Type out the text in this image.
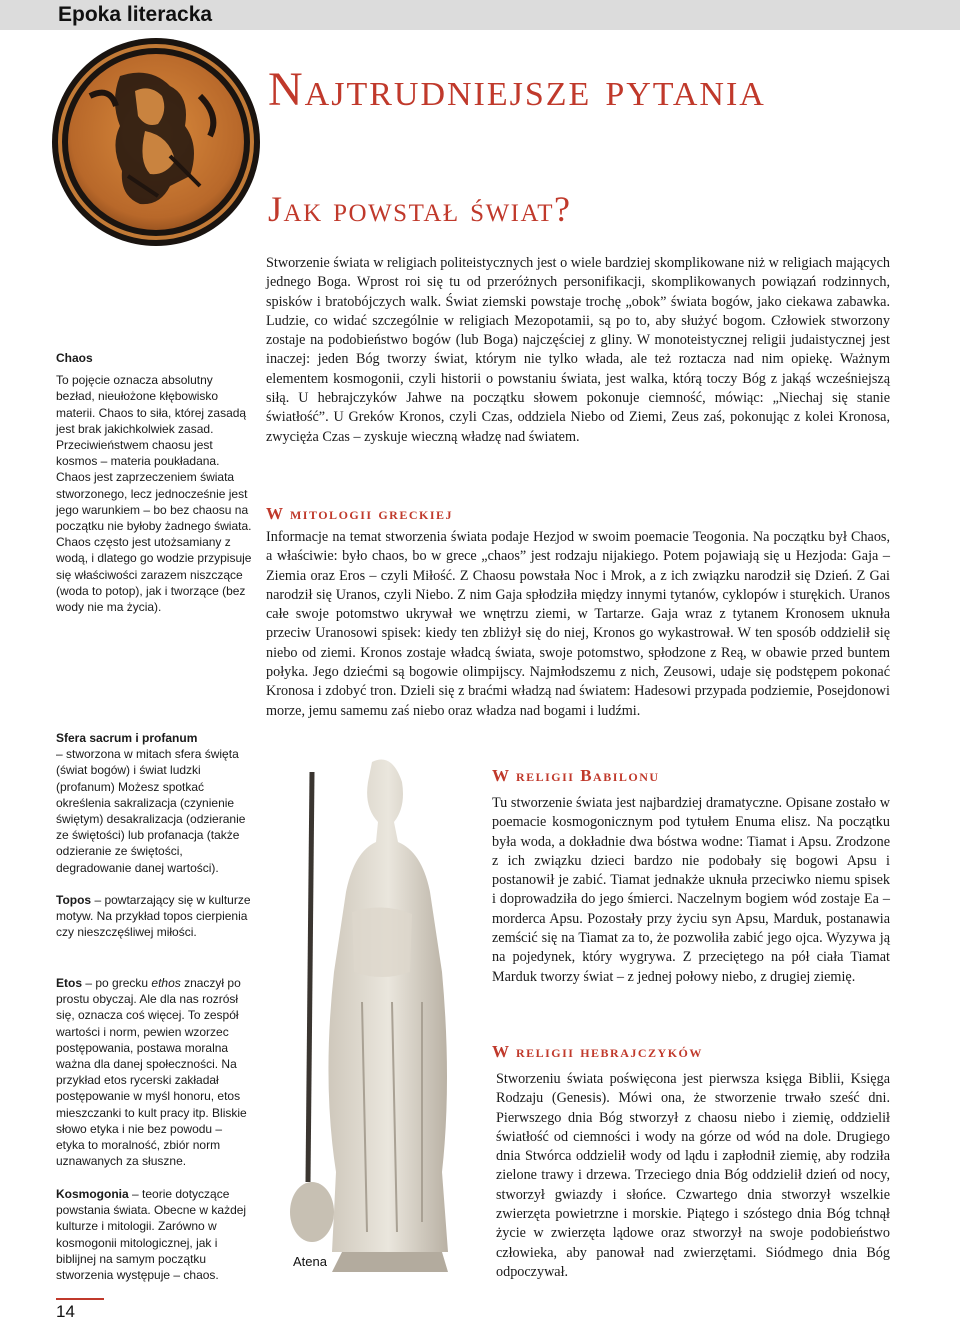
Epoka literacka
Najtrudniejsze pytania
Jak powstał świat?

Stworzenie świata w religiach politeistycznych jest o wiele bardziej skomplikowane niż w religiach mających jednego Boga. Wprost roi się tu od przeróżnych personifikacji, skomplikowanych powiązań rodzinnych, spisków i bratobójczych walk. Świat ziemski powstaje trochę „obok” świata bogów, jako ciekawa zabawka. Ludzie, co widać szczególnie w religiach Mezopotamii, są po to, aby służyć bogom. Człowiek stworzony zostaje na podobieństwo bogów (lub Boga) najczęściej z gliny. W monoteistycznej religii judaistycznej jest inaczej: jeden Bóg tworzy świat, którym nie tylko włada, ale też roztacza nad nim opiekę. Ważnym elementem kosmogonii, czyli historii o powstaniu świata, jest walka, którą toczy Bóg z jakąś wcześniejszą siłą. U hebrajczyków Jahwe na początku słowem pokonuje ciemność, mówiąc: „Niechaj się stanie światłość”. U Greków Kronos, czyli Czas, oddziela Niebo od Ziemi, Zeus zaś, pokonując z kolei Kronosa, zwycięża Czas – zyskuje wieczną władzę nad światem.

W mitologii greckiej

Informacje na temat stworzenia świata podaje Hezjod w swoim poemacie Teogonia. Na początku był Chaos, a właściwie: było chaos, bo w grece „chaos” jest rodzaju nijakiego. Potem pojawiają się u Hezjoda: Gaja – Ziemia oraz Eros – czyli Miłość. Z Chaosu powstała Noc i Mrok, a z ich związku narodził się Dzień. Z Gai narodził się Uranos, czyli Niebo. Z nim Gaja spłodziła między innymi tytanów, cyklopów i sturękich. Uranos całe swoje potomstwo ukrywał we wnętrzu ziemi, w Tartarze. Gaja wraz z tytanem Kronosem uknuła przeciw Uranosowi spisek: kiedy ten zbliżył się do niej, Kronos go wykastrował. W ten sposób oddzielił się niebo od ziemi. Kronos zostaje władcą świata, swoje potomstwo, spłodzone z Reą, w obawie przed buntem połyka. Jego dziećmi są bogowie olimpijscy. Najmłodszemu z nich, Zeusowi, udaje się podstępem pokonać Kronosa i zdobyć tron. Dzieli się z braćmi władzą nad światem: Hadesowi przypada podziemie, Posejdonowi morze, jemu samemu zaś niebo oraz władza nad bogami i ludźmi.

Atena
W religii Babilonu

Tu stworzenie świata jest najbardziej dramatyczne. Opisane zostało w poemacie kosmogonicznym pod tytułem Enuma elisz. Na początku była woda, a dokładnie dwa bóstwa wodne: Tiamat i Apsu. Zrodzone z ich związku dzieci bardzo nie podobały się bogowi Apsu i postanowił je zabić. Tiamat jednakże uknuła przeciwko niemu spisek i doprowadziła do jego śmierci. Naczelnym bogiem wód zostaje Ea – morderca Apsu. Pozostały przy życiu syn Apsu, Marduk, postanawia zemścić się na Tiamat za to, że pozwoliła zabić jego ojca. Wyzywa ją na pojedynek, który wygrywa. Z przeciętego na pół ciała Tiamat Marduk tworzy świat – z jednej połowy niebo, z drugiej ziemię.

W religii hebrajczyków

Stworzeniu świata poświęcona jest pierwsza księga Biblii, Księga Rodzaju (Genesis). Mówi ona, że stworzenie trwało sześć dni. Pierwszego dnia Bóg stworzył z chaosu niebo i ziemię, oddzielił światłość od ciemności i wody na górze od wód na dole. Drugiego dnia Stwórca oddzielił wody od lądu i zapłodnił ziemię, aby rodziła zielone trawy i drzewa. Trzeciego dnia Bóg oddzielił dzień od nocy, stworzył gwiazdy i słońce. Czwartego dnia stworzył wszelkie zwierzęta powietrzne i morskie. Piątego i szóstego dnia Bóg tchnął życie w zwierzęta lądowe oraz stworzył na swoje podobieństwo człowieka, aby panował nad zwierzętami. Siódmego dnia Bóg odpoczywał.

Chaos

To pojęcie oznacza absolutny bezład, nieułożone kłębowisko materii. Chaos to siła, której zasadą jest brak jakichkolwiek zasad. Przeciwieństwem chaosu jest kosmos – materia poukładana. Chaos jest zaprzeczeniem świata stworzonego, lecz jednocześnie jest jego warunkiem – bo bez chaosu na początku nie byłoby żadnego świata. Chaos często jest utożsamiany z wodą, i dlatego go wodzie przypisuje się właściwości zarazem niszczące (woda to potop), jak i tworzące (bez wody nie ma życia).

Sfera sacrum i profanum

– stworzona w mitach sfera święta (świat bogów) i świat ludzki (profanum) Możesz spotkać określenia sakralizacja (czynienie świętym) desakralizacja (odzieranie ze świętości) lub profanacja (także odzieranie ze świętości, degradowanie danej wartości).

Topos – powtarzający się w kulturze motyw. Na przykład topos cierpienia czy nieszczęśliwej miłości.

Etos – po grecku ethos znaczył po prostu obyczaj. Ale dla nas rozrósł się, oznacza coś więcej. To zespół wartości i norm, pewien wzorzec postępowania, postawa moralna ważna dla danej społeczności. Na przykład etos rycerski zakładał postępowanie w myśl honoru, etos mieszczanki to kult pracy itp. Bliskie słowo etyka i nie bez powodu – etyka to moralność, zbiór norm uznawanych za słuszne.

Kosmogonia – teorie dotyczące powstania świata. Obecne w każdej kulturze i mitologii. Zarówno w kosmogonii mitologicznej, jak i biblijnej na samym początku stworzenia występuje – chaos.

14
